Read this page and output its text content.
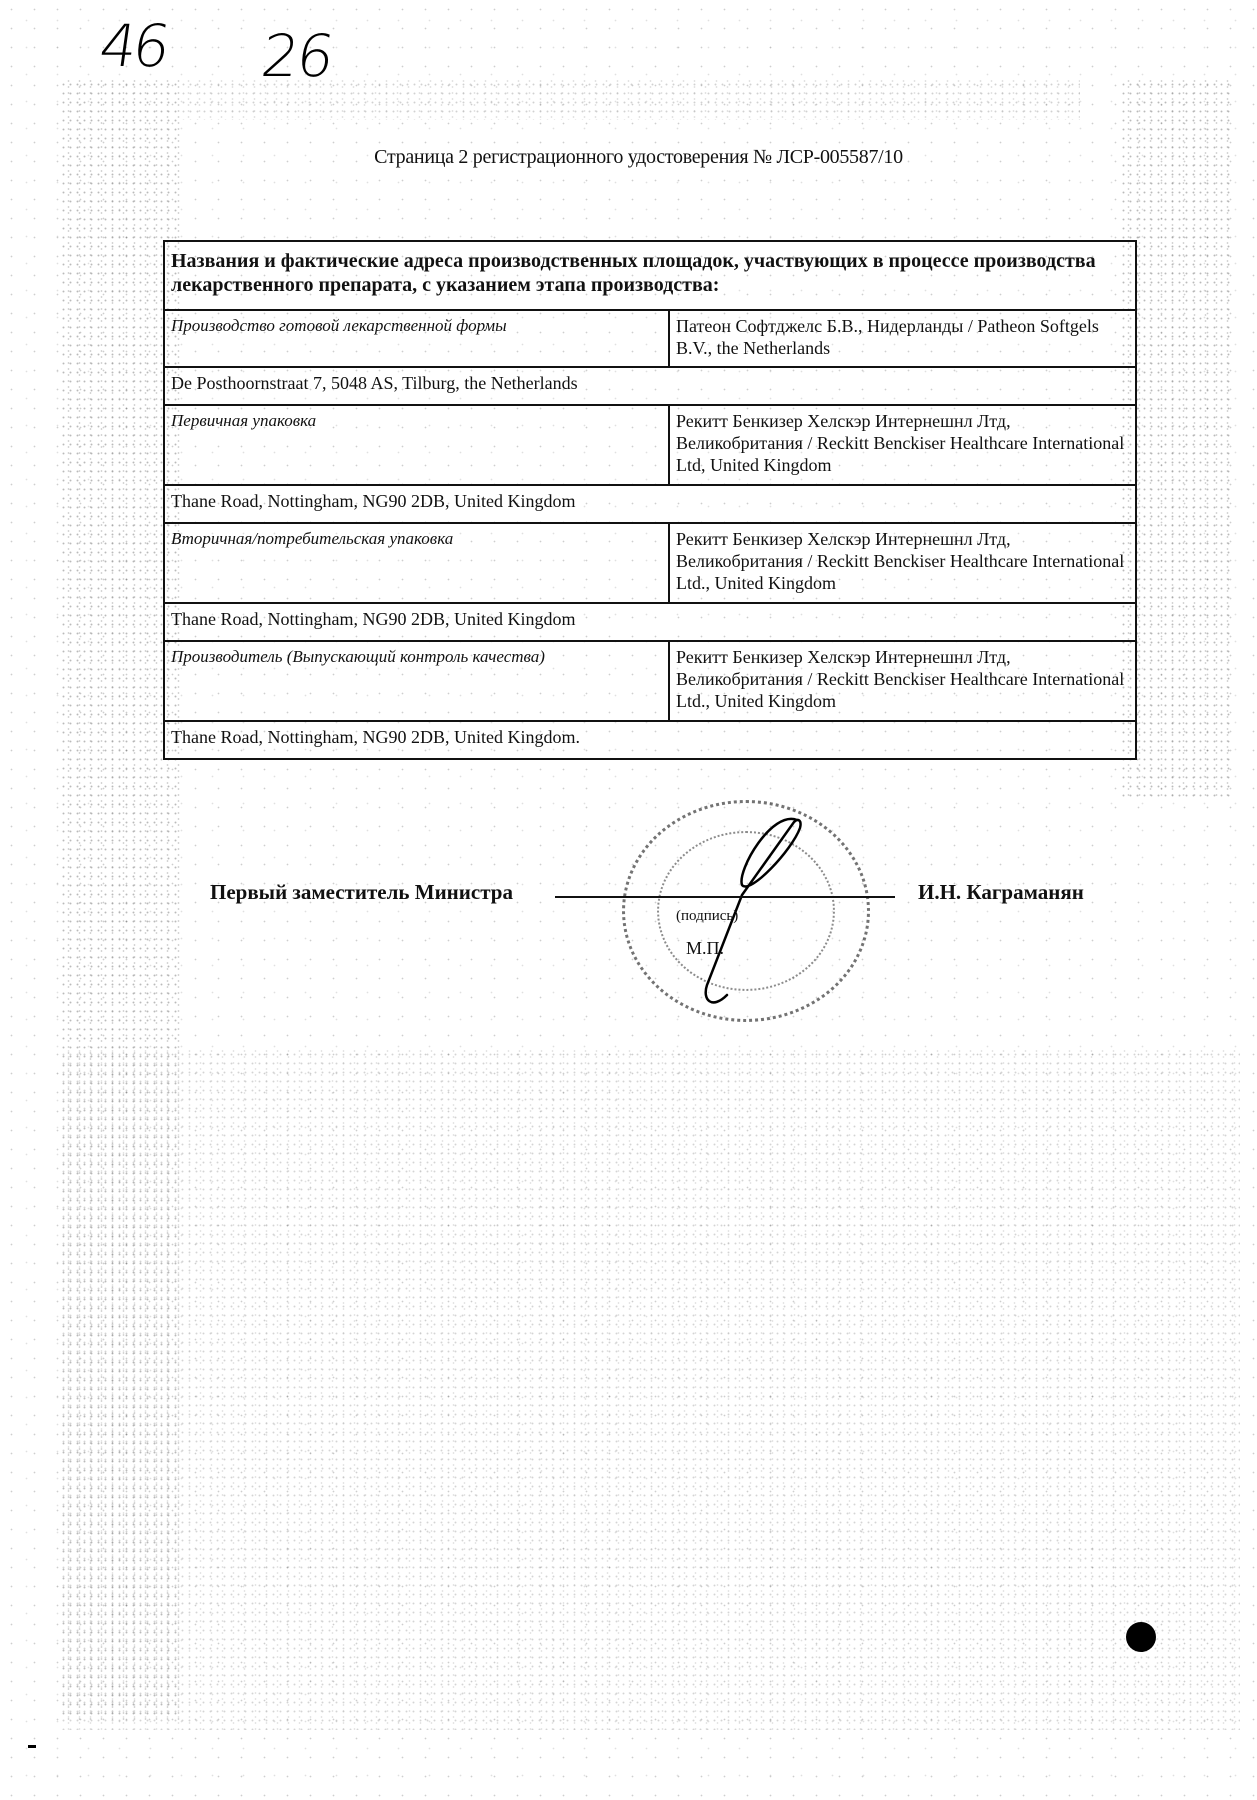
46 26
Страница 2 регистрационного удостоверения № ЛСР-005587/10
Названия и фактические адреса производственных площадок, участвующих в процессе производства лекарственного препарата, с указанием этапа производства:
Производство готовой лекарственной формы	Патеон Софтджелс Б.В., Нидерланды / Patheon Softgels B.V., the Netherlands
De Posthoornstraat 7, 5048 AS, Tilburg, the Netherlands
Первичная упаковка	Рекитт Бенкизер Хелскэр Интернешнл Лтд, Великобритания / Reckitt Benckiser Healthcare International Ltd, United Kingdom
Thane Road, Nottingham, NG90 2DB, United Kingdom
Вторичная/потребительская упаковка	Рекитт Бенкизер Хелскэр Интернешнл Лтд, Великобритания / Reckitt Benckiser Healthcare International Ltd., United Kingdom
Thane Road, Nottingham, NG90 2DB, United Kingdom
Производитель (Выпускающий контроль качества)	Рекитт Бенкизер Хелскэр Интернешнл Лтд, Великобритания / Reckitt Benckiser Healthcare International Ltd., United Kingdom
Thane Road, Nottingham, NG90 2DB, United Kingdom.
Первый заместитель Министра	И.Н. Каграманян
(подпись)
М.П.
